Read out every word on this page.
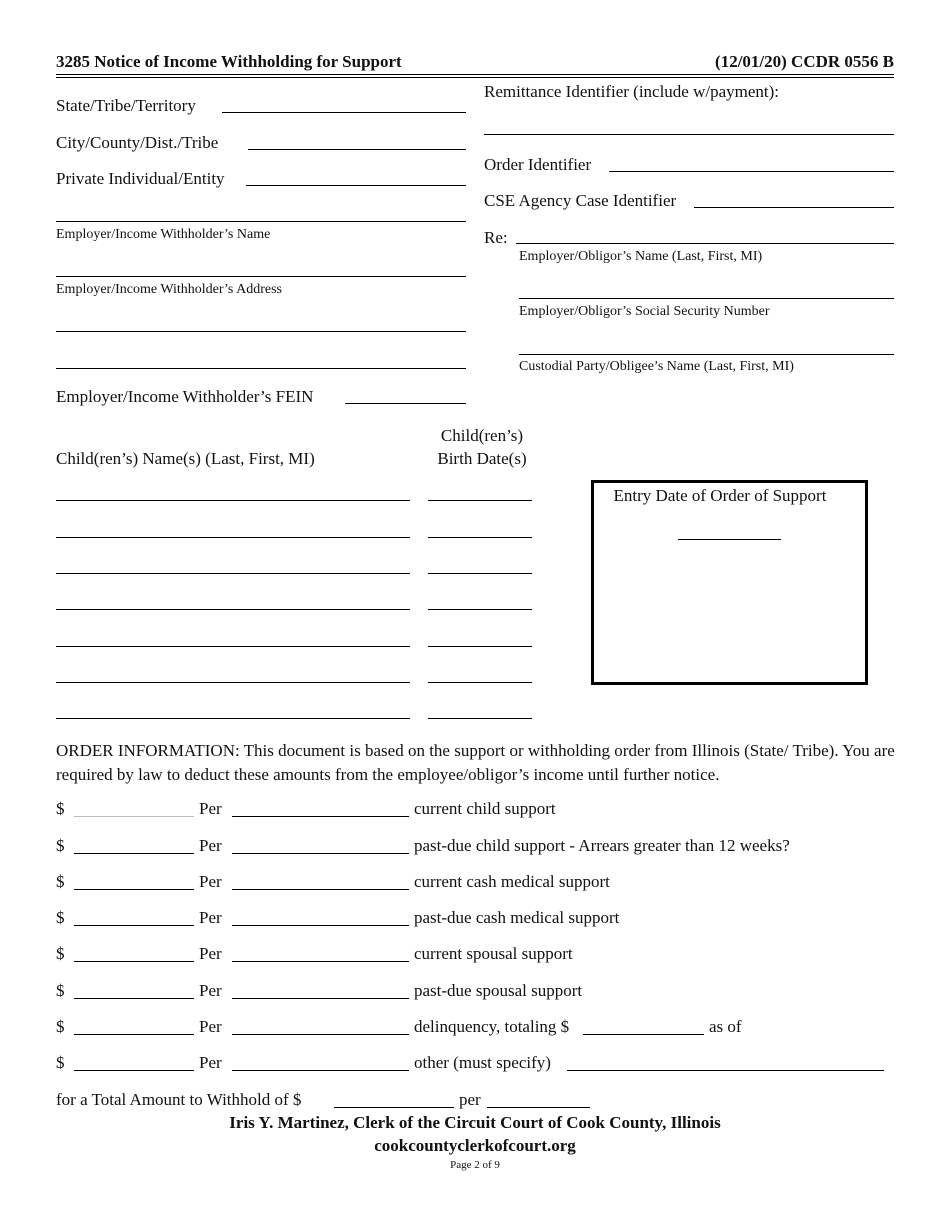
3285 Notice of Income Withholding for Support	(12/01/20) CCDR 0556 B
State/Tribe/Territory
City/County/Dist./Tribe
Private Individual/Entity
Employer/Income Withholder’s Name
Employer/Income Withholder’s Address
Employer/Income Withholder’s FEIN
Remittance Identifier (include w/payment):
Order Identifier
CSE Agency Case Identifier
Re:
Employer/Obligor’s Name (Last, First, MI)
Employer/Obligor’s Social Security Number
Custodial Party/Obligee’s Name (Last, First, MI)
Child(ren’s)
Birth Date(s)
Child(ren’s) Name(s) (Last, First, MI)
Entry Date of Order of Support
ORDER INFORMATION: This document is based on the support or withholding order from Illinois (State/ Tribe). You are required by law to deduct these amounts from the employee/obligor’s income until further notice.
$	Per	current child support
$	Per	past-due child support - Arrears greater than 12 weeks?
$	Per	current cash medical support
$	Per	past-due cash medical support
$	Per	current spousal support
$	Per	past-due spousal support
$	Per	delinquency, totaling $	as of
$	Per	other (must specify)
for a Total Amount to Withhold of $	per
Iris Y. Martinez, Clerk of the Circuit Court of Cook County, Illinois
cookcountyclerkofcourt.org
Page 2 of 9
